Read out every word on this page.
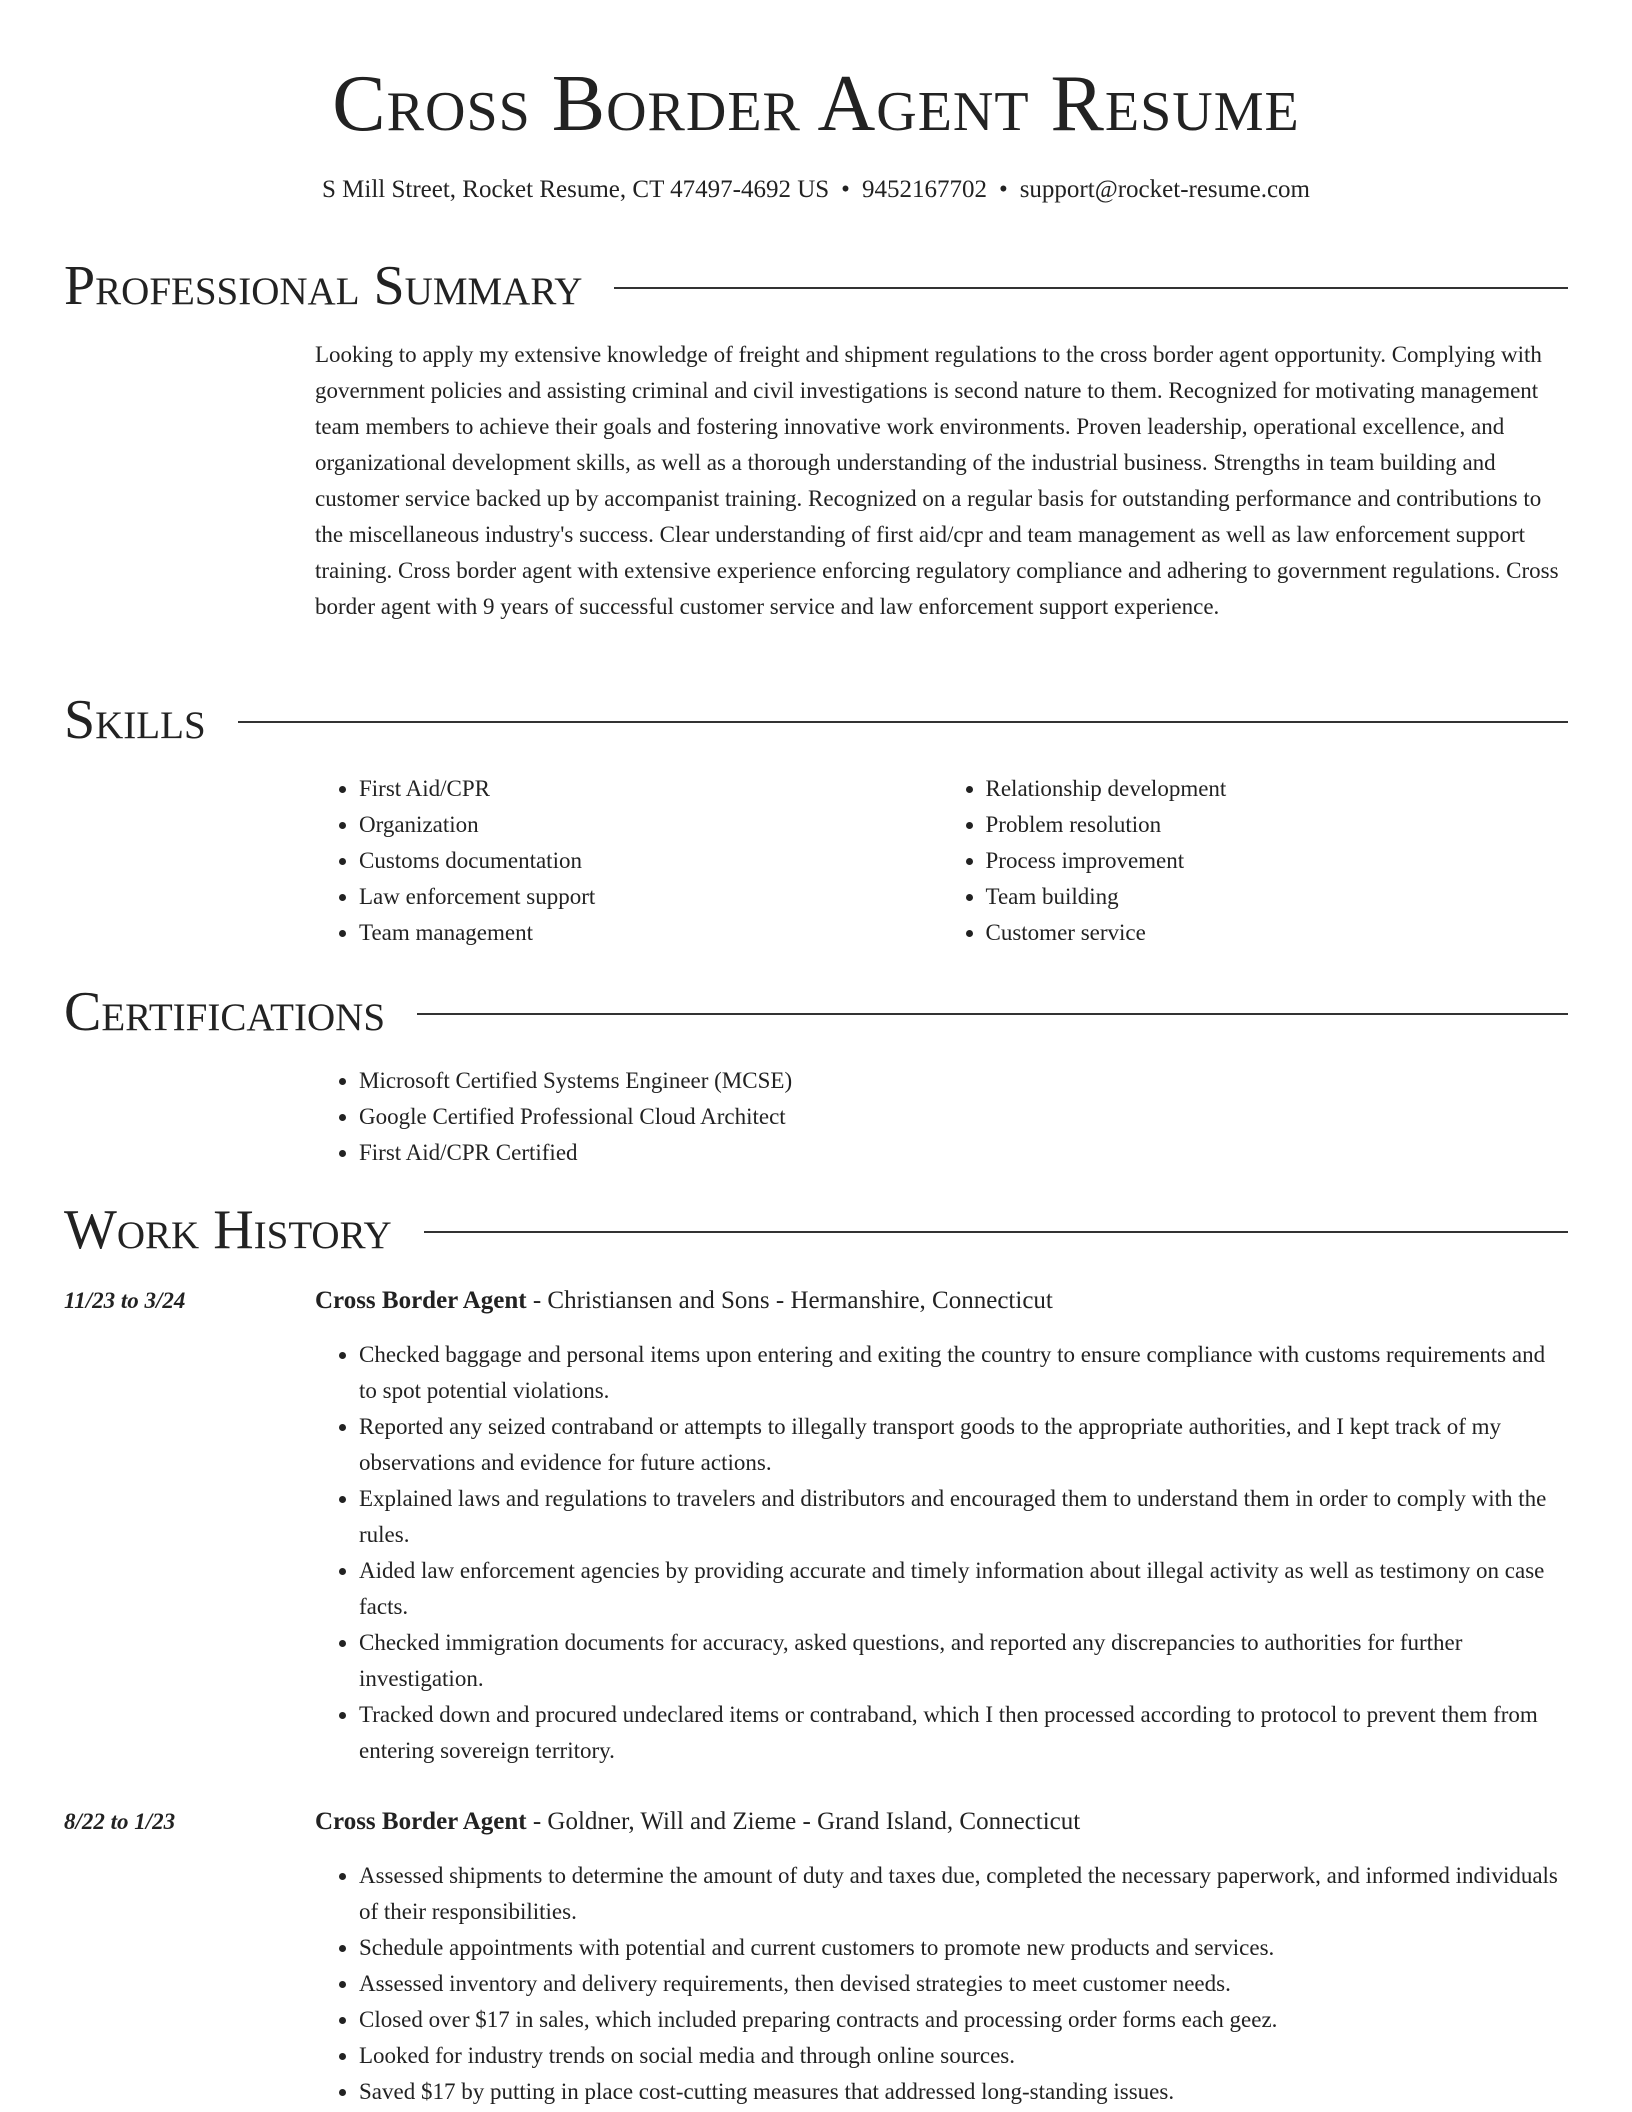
Cross Border Agent Resume
S Mill Street, Rocket Resume, CT 47497-4692 US • 9452167702 • support@rocket-resume.com
Professional Summary

Looking to apply my extensive knowledge of freight and shipment regulations to the cross border agent opportunity. Complying with government policies and assisting criminal and civil investigations is second nature to them. Recognized for motivating management team members to achieve their goals and fostering innovative work environments. Proven leadership, operational excellence, and organizational development skills, as well as a thorough understanding of the industrial business. Strengths in team building and customer service backed up by accompanist training. Recognized on a regular basis for outstanding performance and contributions to the miscellaneous industry's success. Clear understanding of first aid/cpr and team management as well as law enforcement support training. Cross border agent with extensive experience enforcing regulatory compliance and adhering to government regulations. Cross border agent with 9 years of successful customer service and law enforcement support experience.

Skills
• First Aid/CPR
• Organization
• Customs documentation
• Law enforcement support
• Team management
• Relationship development
• Problem resolution
• Process improvement
• Team building
• Customer service
Certifications
• Microsoft Certified Systems Engineer (MCSE)
• Google Certified Professional Cloud Architect
• First Aid/CPR Certified
Work History
11/23 to 3/24	Cross Border Agent - Christiansen and Sons - Hermanshire, Connecticut
• Checked baggage and personal items upon entering and exiting the country to ensure compliance with customs requirements and to spot potential violations.
• Reported any seized contraband or attempts to illegally transport goods to the appropriate authorities, and I kept track of my observations and evidence for future actions.
• Explained laws and regulations to travelers and distributors and encouraged them to understand them in order to comply with the rules.
• Aided law enforcement agencies by providing accurate and timely information about illegal activity as well as testimony on case facts.
• Checked immigration documents for accuracy, asked questions, and reported any discrepancies to authorities for further investigation.
• Tracked down and procured undeclared items or contraband, which I then processed according to protocol to prevent them from entering sovereign territory.
8/22 to 1/23	Cross Border Agent - Goldner, Will and Zieme - Grand Island, Connecticut
• Assessed shipments to determine the amount of duty and taxes due, completed the necessary paperwork, and informed individuals of their responsibilities.
• Schedule appointments with potential and current customers to promote new products and services.
• Assessed inventory and delivery requirements, then devised strategies to meet customer needs.
• Closed over $17 in sales, which included preparing contracts and processing order forms each geez.
• Looked for industry trends on social media and through online sources.
• Saved $17 by putting in place cost-cutting measures that addressed long-standing issues.
